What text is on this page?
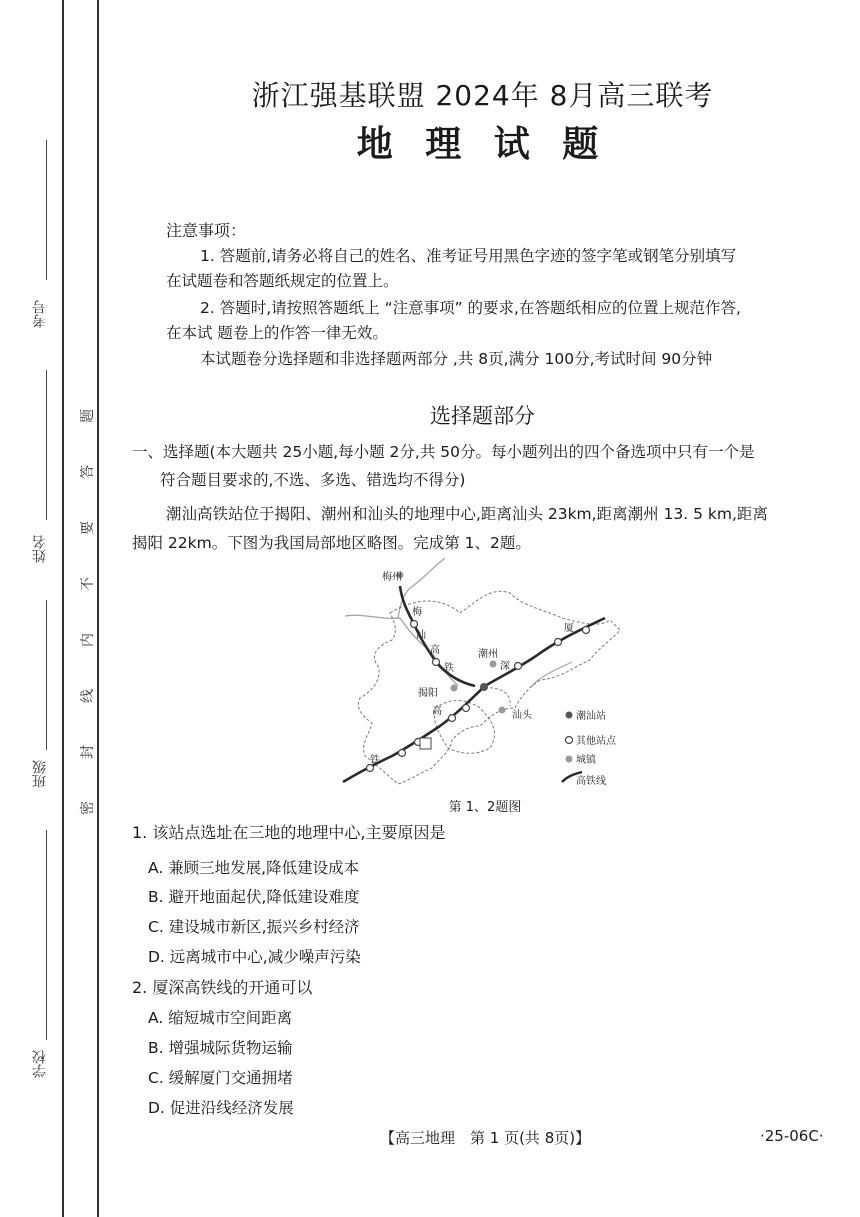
考号
姓名
班级
学校
题
答
要
不
内
线
封
密
浙江强基联盟 2024年 8月高三联考
地 理 试 题
注意事项：
1. 答题前,请务必将自己的姓名、准考证号用黑色字迹的签字笔或钢笔分别填写
在试题卷和答题纸规定的位置上。
2. 答题时,请按照答题纸上 “注意事项” 的要求,在答题纸相应的位置上规范作答,
在本试 题卷上的作答一律无效。
本试题卷分选择题和非选择题两部分 ,共 8页,满分 100分,考试时间 90分钟
选择题部分
一、选择题(本大题共 25小题,每小题 2分,共 50分。每小题列出的四个备选项中只有一个是
符合题目要求的,不选、多选、错选均不得分)
潮汕高铁站位于揭阳、潮州和汕头的地理中心,距离汕头 23km,距离潮州 13. 5 km,距离
揭阳 22km。下图为我国局部地区略图。完成第 1、2题。
梅州
揭阳
潮州
汕头
梅
汕
高
铁
厦
深
高
铁
潮汕站
其他站点
城镇
高铁线
第 1、2题图
1. 该站点选址在三地的地理中心,主要原因是
A. 兼顾三地发展,降低建设成本
B. 避开地面起伏,降低建设难度
C. 建设城市新区,振兴乡村经济
D. 远离城市中心,减少噪声污染
2. 厦深高铁线的开通可以
A. 缩短城市空间距离
B. 增强城际货物运输
C. 缓解厦门交通拥堵
D. 促进沿线经济发展
【高三地理　第 1 页(共 8页)】	·25-06C·
